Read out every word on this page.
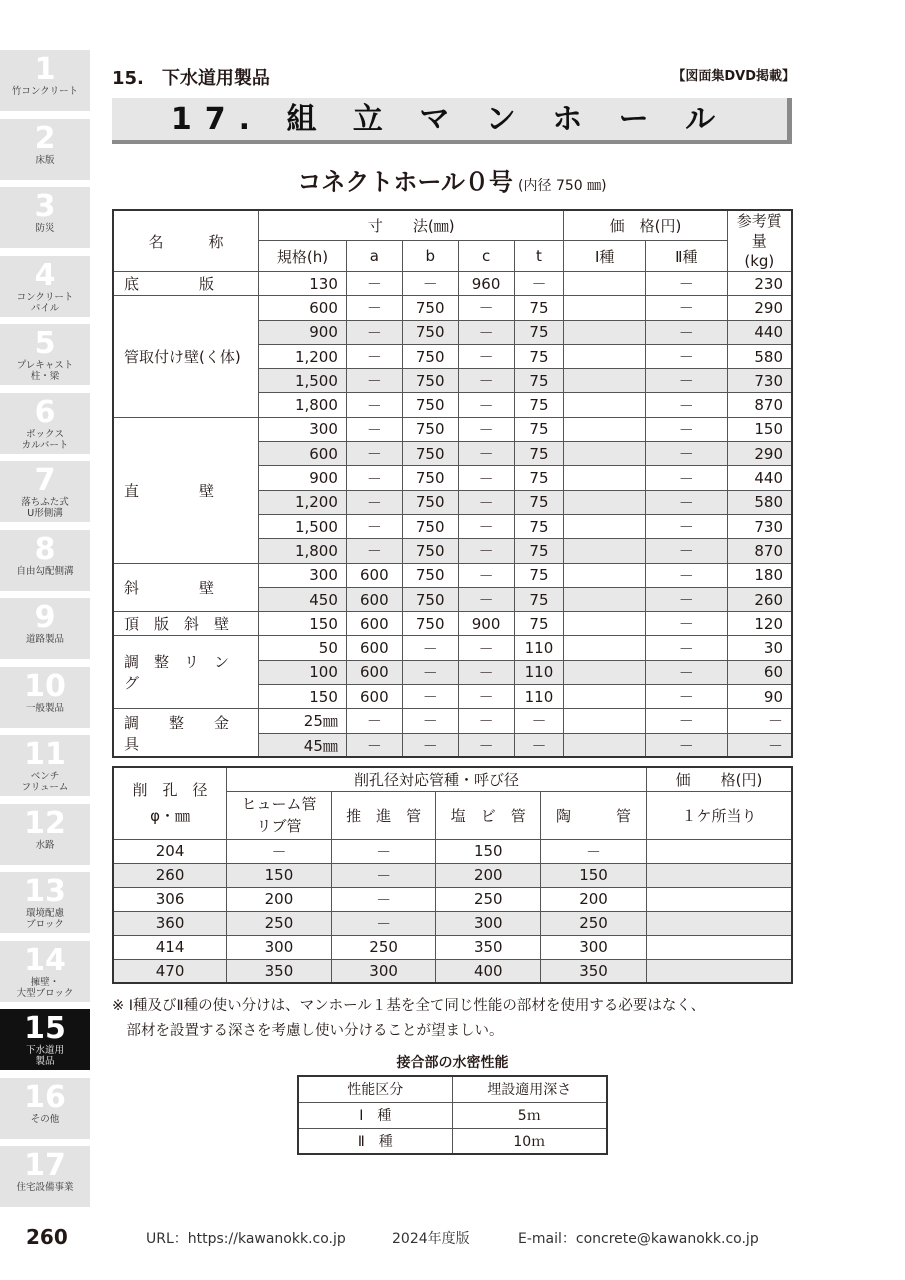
1
竹コンクリート
2
床版
3
防災
4
コンクリート
パイル
5
プレキャスト
柱・梁
6
ボックス
カルバート
7
落ちふた式
U形側溝
8
自由勾配側溝
9
道路製品
10
一般製品
11
ベンチ
フリューム
12
水路
13
環境配慮
ブロック
14
擁壁・
大型ブロック
15
下水道用
製品
16
その他
17
住宅設備事業
15.　下水道用製品	【図面集DVD掲載】
17. 組 立 マ ン ホ ー ル
コネクトホール０号 (内径 750 ㎜)
名　　　称	寸　　法(㎜)					価　格(円)		参考質量
(kg)
	規格(h)	a	b	c	t	Ⅰ種	Ⅱ種	
底　　　　版	130	－	－	960	－		－	230
管取付け壁(く体)	600	－	750	－	75		－	290
	900	－	750	－	75		－	440
	1,200	－	750	－	75		－	580
	1,500	－	750	－	75		－	730
	1,800	－	750	－	75		－	870
直　　　　壁	300	－	750	－	75		－	150
	600	－	750	－	75		－	290
	900	－	750	－	75		－	440
	1,200	－	750	－	75		－	580
	1,500	－	750	－	75		－	730
	1,800	－	750	－	75		－	870
斜　　　　壁	300	600	750	－	75		－	180
	450	600	750	－	75		－	260
頂　版　斜　壁	150	600	750	900	75		－	120
調　整　リ　ン　グ	50	600	－	－	110		－	30
	100	600	－	－	110		－	60
	150	600	－	－	110		－	90
調　　整　　金　　具	25㎜	－	－	－	－		－	－
	45㎜	－	－	－	－		－	－
削　孔　径
φ・㎜	削孔径対応管種・呼び径				価　　格(円)
	ヒューム管
リブ管	推　進　管	塩　ビ　管	陶　　　管	１ケ所当り
204	－	－	150	－	
260	150	－	200	150	
306	200	－	250	200	
360	250	－	300	250	
414	300	250	350	300	
470	350	300	400	350	
※ Ⅰ種及びⅡ種の使い分けは、マンホール１基を全て同じ性能の部材を使用する必要はなく、
　部材を設置する深さを考慮し使い分けることが望ましい。
接合部の水密性能
性能区分	埋設適用深さ
Ⅰ　種	5ｍ
Ⅱ　種	10ｍ
260	URL：https://kawanokk.co.jp	2024年度版	E-mail：concrete@kawanokk.co.jp
